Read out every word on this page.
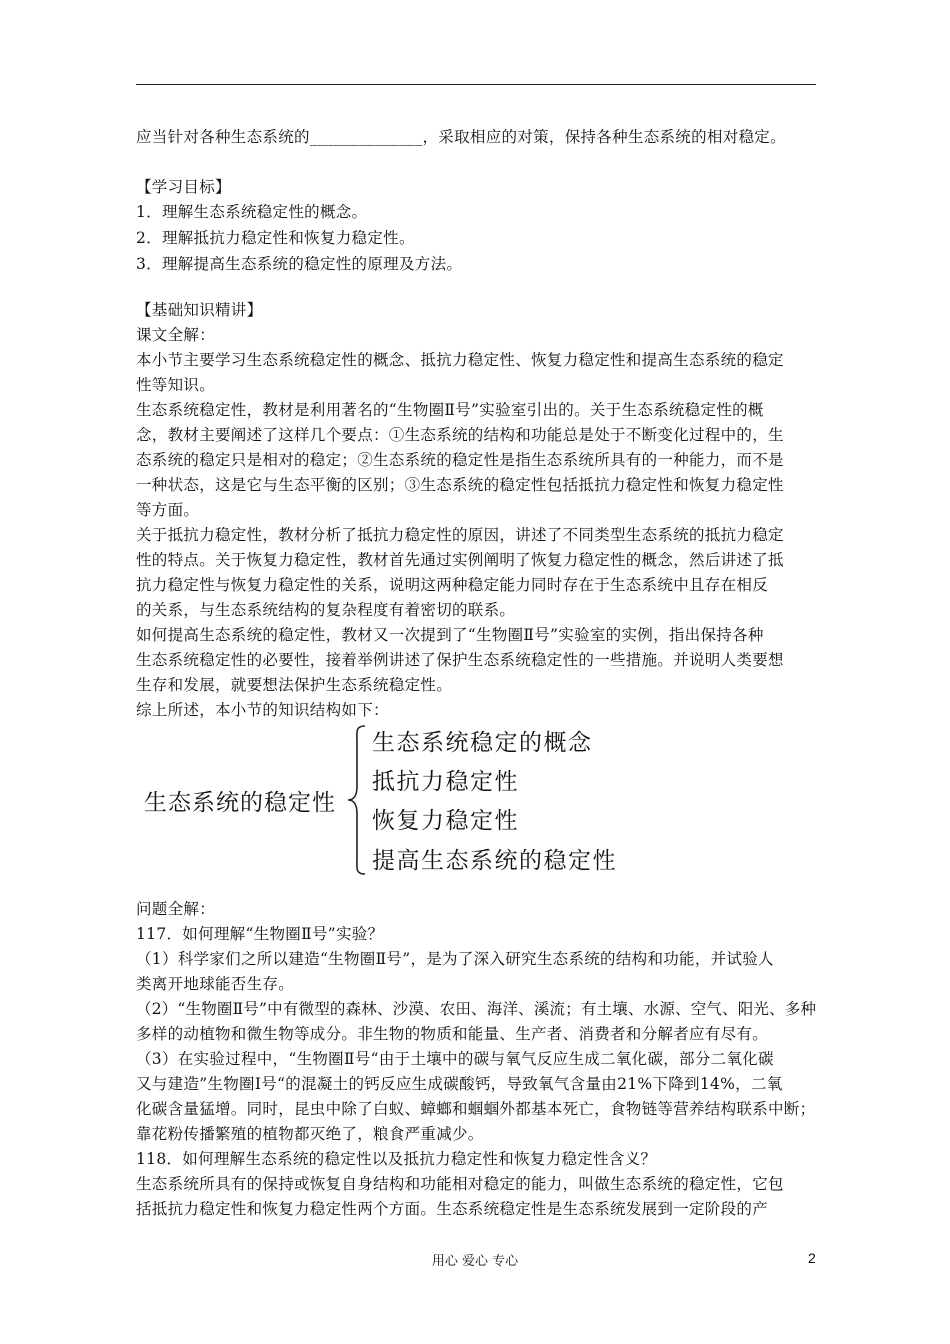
应当针对各种生态系统的______________，采取相应的对策，保持各种生态系统的相对稳定。
【学习目标】
1．理解生态系统稳定性的概念。
2．理解抵抗力稳定性和恢复力稳定性。
3．理解提高生态系统的稳定性的原理及方法。
【基础知识精讲】
课文全解：
本小节主要学习生态系统稳定性的概念、抵抗力稳定性、恢复力稳定性和提高生态系统的稳定
性等知识。
生态系统稳定性，教材是利用著名的“生物圈Ⅱ号”实验室引出的。关于生态系统稳定性的概
念，教材主要阐述了这样几个要点：①生态系统的结构和功能总是处于不断变化过程中的，生
态系统的稳定只是相对的稳定；②生态系统的稳定性是指生态系统所具有的一种能力，而不是
一种状态，这是它与生态平衡的区别；③生态系统的稳定性包括抵抗力稳定性和恢复力稳定性
等方面。
关于抵抗力稳定性，教材分析了抵抗力稳定性的原因，讲述了不同类型生态系统的抵抗力稳定
性的特点。关于恢复力稳定性，教材首先通过实例阐明了恢复力稳定性的概念，然后讲述了抵
抗力稳定性与恢复力稳定性的关系，说明这两种稳定能力同时存在于生态系统中且存在相反
的关系，与生态系统结构的复杂程度有着密切的联系。
如何提高生态系统的稳定性，教材又一次提到了“生物圈Ⅱ号”实验室的实例，指出保持各种
生态系统稳定性的必要性，接着举例讲述了保护生态系统稳定性的一些措施。并说明人类要想
生存和发展，就要想法保护生态系统稳定性。
综上所述，本小节的知识结构如下：
生态系统的稳定性
生态系统稳定的概念
抵抗力稳定性
恢复力稳定性
提高生态系统的稳定性
问题全解：
117．如何理解“生物圈Ⅱ号”实验？
（1）科学家们之所以建造“生物圈Ⅱ号”，是为了深入研究生态系统的结构和功能，并试验人
类离开地球能否生存。
（2）“生物圈Ⅱ号”中有微型的森林、沙漠、农田、海洋、溪流；有土壤、水源、空气、阳光、多种
多样的动植物和微生物等成分。非生物的物质和能量、生产者、消费者和分解者应有尽有。
（3）在实验过程中，“生物圈Ⅱ号“由于土壤中的碳与氧气反应生成二氧化碳，部分二氧化碳
又与建造”生物圈Ⅰ号“的混凝土的钙反应生成碳酸钙，导致氧气含量由21%下降到14%，二氧
化碳含量猛增。同时，昆虫中除了白蚁、蟑螂和蝈蝈外都基本死亡，食物链等营养结构联系中断；
靠花粉传播繁殖的植物都灭绝了，粮食严重减少。
118．如何理解生态系统的稳定性以及抵抗力稳定性和恢复力稳定性含义？
生态系统所具有的保持或恢复自身结构和功能相对稳定的能力，叫做生态系统的稳定性，它包
括抵抗力稳定性和恢复力稳定性两个方面。生态系统稳定性是生态系统发展到一定阶段的产
用心 爱心 专心	2
